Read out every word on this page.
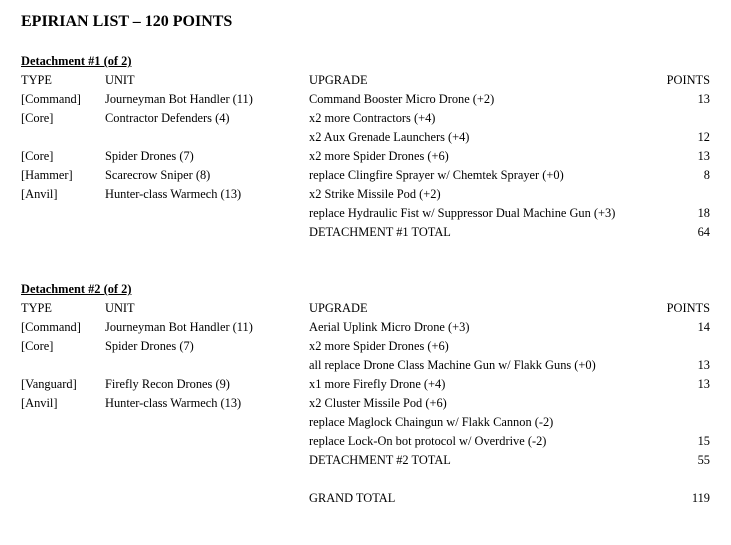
EPIRIAN LIST – 120 POINTS
Detachment #1 (of 2)
TYPE	UNIT	UPGRADE	POINTS
[Command] Journeyman Bot Handler (11)	Command Booster Micro Drone (+2)	13
[Core]	Contractor Defenders (4)	x2 more Contractors (+4)
x2 Aux Grenade Launchers (+4)	12
[Core]	Spider Drones (7)	x2 more Spider Drones (+6)	13
[Hammer]	Scarecrow Sniper (8)	replace Clingfire Sprayer w/ Chemtek Sprayer (+0)	8
[Anvil]	Hunter-class Warmech (13)	x2 Strike Missile Pod (+2)
replace Hydraulic Fist w/ Suppressor Dual Machine Gun (+3)	18
DETACHMENT #1 TOTAL	64
Detachment #2 (of 2)
TYPE	UNIT	UPGRADE	POINTS
[Command] Journeyman Bot Handler (11)	Aerial Uplink Micro Drone (+3)	14
[Core]	Spider Drones (7)	x2 more Spider Drones (+6)
all replace Drone Class Machine Gun w/ Flakk Guns (+0)	13
[Vanguard] Firefly Recon Drones (9)	x1 more Firefly Drone (+4)	13
[Anvil]	Hunter-class Warmech (13)	x2 Cluster Missile Pod (+6)
replace Maglock Chaingun w/ Flakk Cannon (-2)
replace Lock-On bot protocol w/ Overdrive (-2)	15
DETACHMENT #2 TOTAL	55
GRAND TOTAL	119
